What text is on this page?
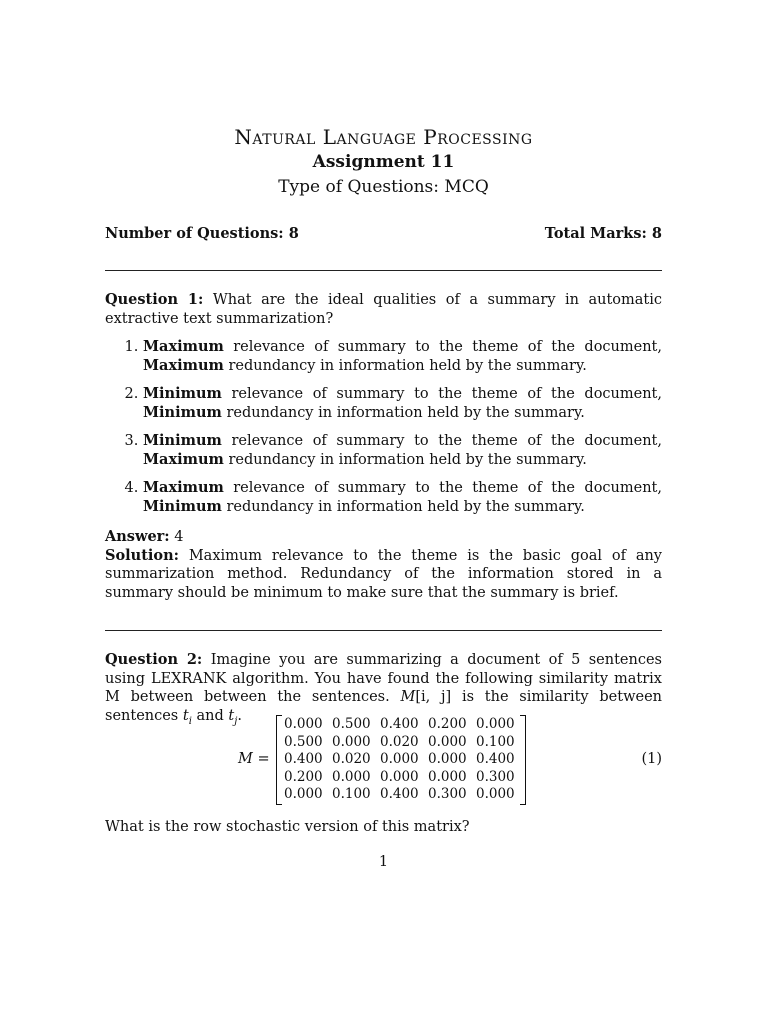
Natural Language Processing
Assignment 11
Type of Questions: MCQ
Number of Questions: 8	Total Marks: 8
Question 1: What are the ideal qualities of a summary in automatic extractive text summarization?
1. Maximum relevance of summary to the theme of the document, Maximum redundancy in information held by the summary.
2. Minimum relevance of summary to the theme of the document, Minimum redundancy in information held by the summary.
3. Minimum relevance of summary to the theme of the document, Maximum redundancy in information held by the summary.
4. Maximum relevance of summary to the theme of the document, Minimum redundancy in information held by the summary.
Answer: 4
Solution: Maximum relevance to the theme is the basic goal of any summarization method. Redundancy of the information stored in a summary should be minimum to make sure that the summary is brief.
Question 2: Imagine you are summarizing a document of 5 sentences using LEXRANK algorithm. You have found the following similarity matrix M between between the sentences. M[i, j] is the similarity between sentences $t_i$ and $t_j$.
M =
0.000 0.500 0.400 0.200 0.000
0.500 0.000 0.020 0.000 0.100
0.400 0.020 0.000 0.000 0.400
0.200 0.000 0.000 0.000 0.300
0.000 0.100 0.400 0.300 0.000
(1)
What is the row stochastic version of this matrix?
1
